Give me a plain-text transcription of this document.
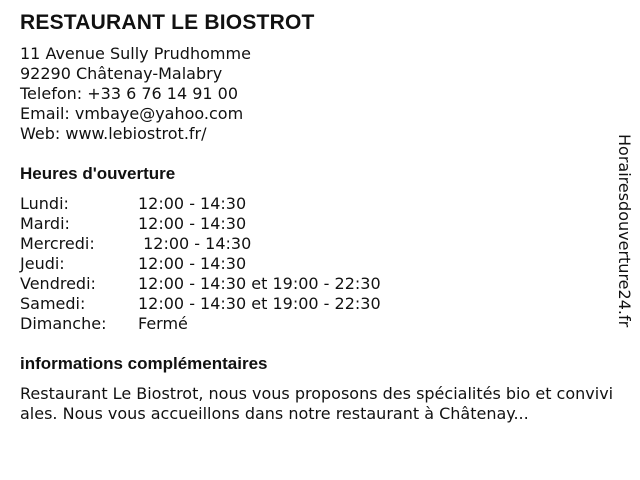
RESTAURANT LE BIOSTROT
11 Avenue Sully Prudhomme
92290 Châtenay-Malabry
Telefon: +33 6 76 14 91 00
Email: vmbaye@yahoo.com
Web: www.lebiostrot.fr/
Heures d'ouverture
Lundi:	12:00 - 14:30
Mardi:	12:00 - 14:30
Mercredi:	12:00 - 14:30
Jeudi:	12:00 - 14:30
Vendredi:	12:00 - 14:30 et 19:00 - 22:30
Samedi:	12:00 - 14:30 et 19:00 - 22:30
Dimanche:	Fermé
informations complémentaires
Restaurant Le Biostrot, nous vous proposons des spécialités bio et conviviales. Nous vous accueillons dans notre restaurant à Châtenay...
Horairesdouverture24.fr
